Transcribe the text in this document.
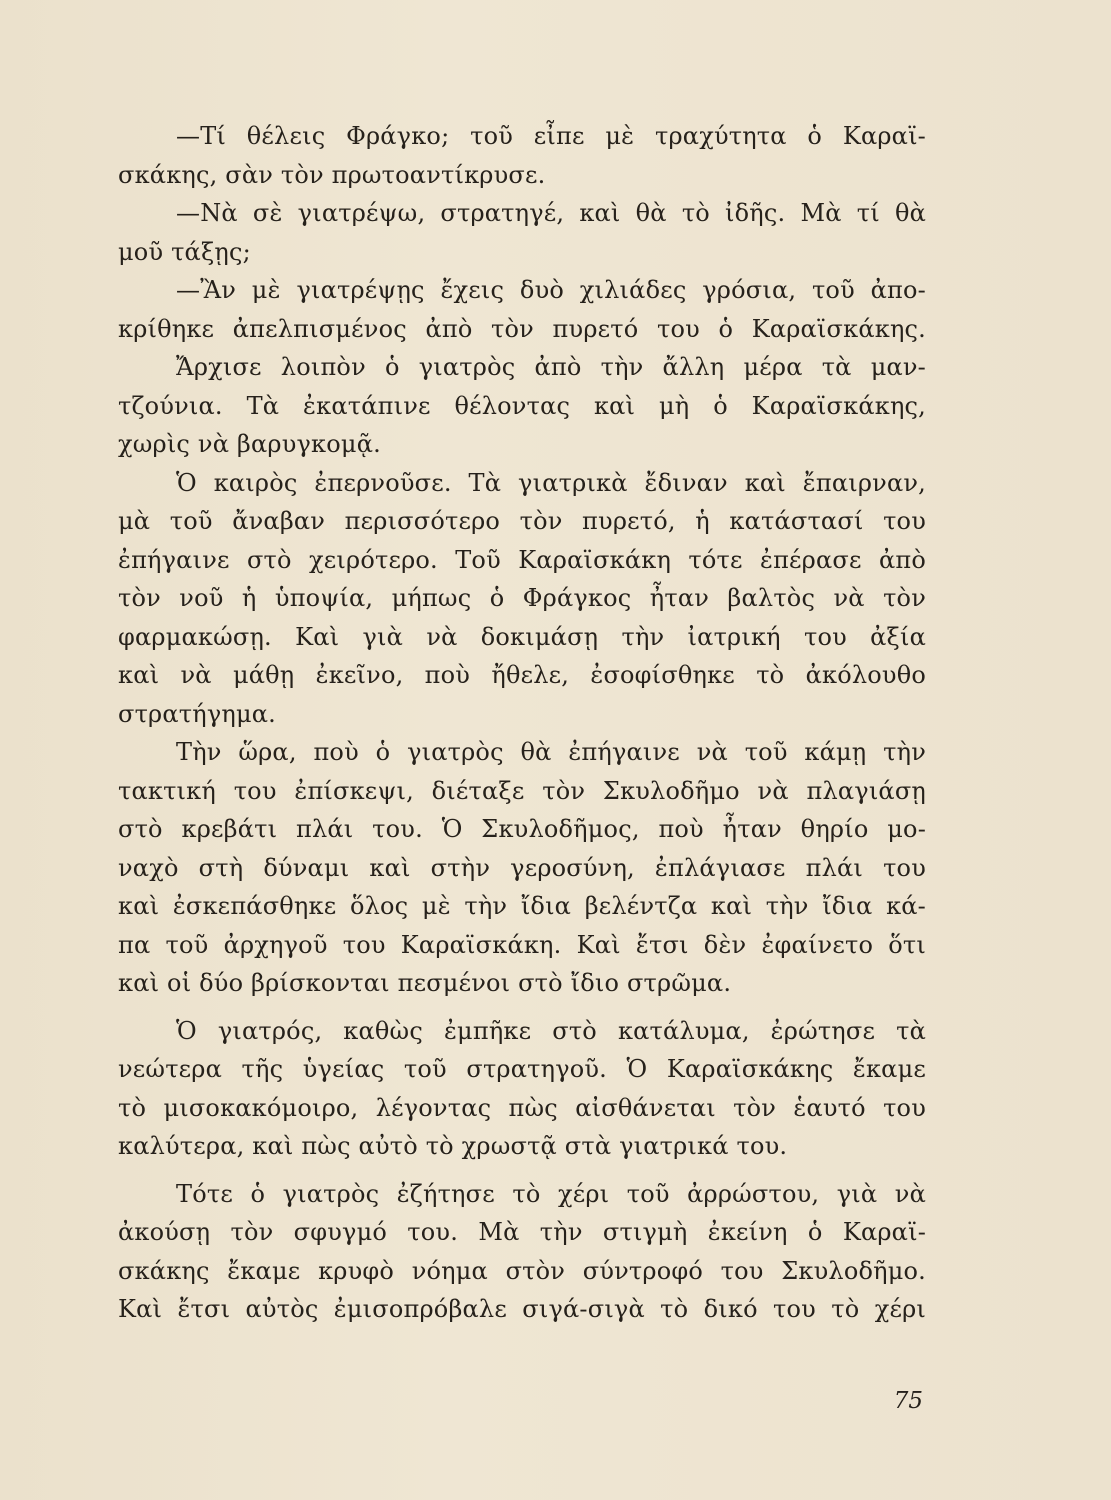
—Τί θέλεις Φράγκο; τοῦ εἶπε μὲ τραχύτητα ὁ Καραϊ-
σκάκης, σὰν τὸν πρωτοαντίκρυσε.
—Νὰ σὲ γιατρέψω, στρατηγέ, καὶ θὰ τὸ ἰδῆς. Μὰ τί θὰ
μοῦ τάξῃς;
—Ἂν μὲ γιατρέψῃς ἔχεις δυὸ χιλιάδες γρόσια, τοῦ ἀπο-
κρίθηκε ἀπελπισμένος ἀπὸ τὸν πυρετό του ὁ Καραϊσκάκης.
Ἄρχισε λοιπὸν ὁ γιατρὸς ἀπὸ τὴν ἄλλη μέρα τὰ μαν-
τζούνια. Τὰ ἐκατάπινε θέλοντας καὶ μὴ ὁ Καραϊσκάκης,
χωρὶς νὰ βαρυγκομᾷ.
Ὁ καιρὸς ἐπερνοῦσε. Τὰ γιατρικὰ ἔδιναν καὶ ἔπαιρναν,
μὰ τοῦ ἄναβαν περισσότερο τὸν πυρετό, ἡ κατάστασί του
ἐπήγαινε στὸ χειρότερο. Τοῦ Καραϊσκάκη τότε ἐπέρασε ἀπὸ
τὸν νοῦ ἡ ὑποψία, μήπως ὁ Φράγκος ἦταν βαλτὸς νὰ τὸν
φαρμακώσῃ. Καὶ γιὰ νὰ δοκιμάσῃ τὴν ἰατρική του ἀξία
καὶ νὰ μάθῃ ἐκεῖνο, ποὺ ἤθελε, ἐσοφίσθηκε τὸ ἀκόλουθο
στρατήγημα.
Τὴν ὥρα, ποὺ ὁ γιατρὸς θὰ ἐπήγαινε νὰ τοῦ κάμῃ τὴν
τακτική του ἐπίσκεψι, διέταξε τὸν Σκυλοδῆμο νὰ πλαγιάσῃ
στὸ κρεβάτι πλάι του. Ὁ Σκυλοδῆμος, ποὺ ἦταν θηρίο μο-
ναχὸ στὴ δύναμι καὶ στὴν γεροσύνη, ἐπλάγιασε πλάι του
καὶ ἐσκεπάσθηκε ὅλος μὲ τὴν ἴδια βελέντζα καὶ τὴν ἴδια κά-
πα τοῦ ἀρχηγοῦ του Καραϊσκάκη. Καὶ ἔτσι δὲν ἐφαίνετο ὅτι
καὶ οἱ δύο βρίσκονται πεσμένοι στὸ ἴδιο στρῶμα.
Ὁ γιατρός, καθὼς ἐμπῆκε στὸ κατάλυμα, ἐρώτησε τὰ
νεώτερα τῆς ὑγείας τοῦ στρατηγοῦ. Ὁ Καραϊσκάκης ἔκαμε
τὸ μισοκακόμοιρο, λέγοντας πὼς αἰσθάνεται τὸν ἑαυτό του
καλύτερα, καὶ πὼς αὐτὸ τὸ χρωστᾷ στὰ γιατρικά του.
Τότε ὁ γιατρὸς ἐζήτησε τὸ χέρι τοῦ ἀρρώστου, γιὰ νὰ
ἀκούσῃ τὸν σφυγμό του. Μὰ τὴν στιγμὴ ἐκείνη ὁ Καραϊ-
σκάκης ἔκαμε κρυφὸ νόημα στὸν σύντροφό του Σκυλοδῆμο.
Καὶ ἔτσι αὐτὸς ἐμισοπρόβαλε σιγά-σιγὰ τὸ δικό του τὸ χέρι
75
